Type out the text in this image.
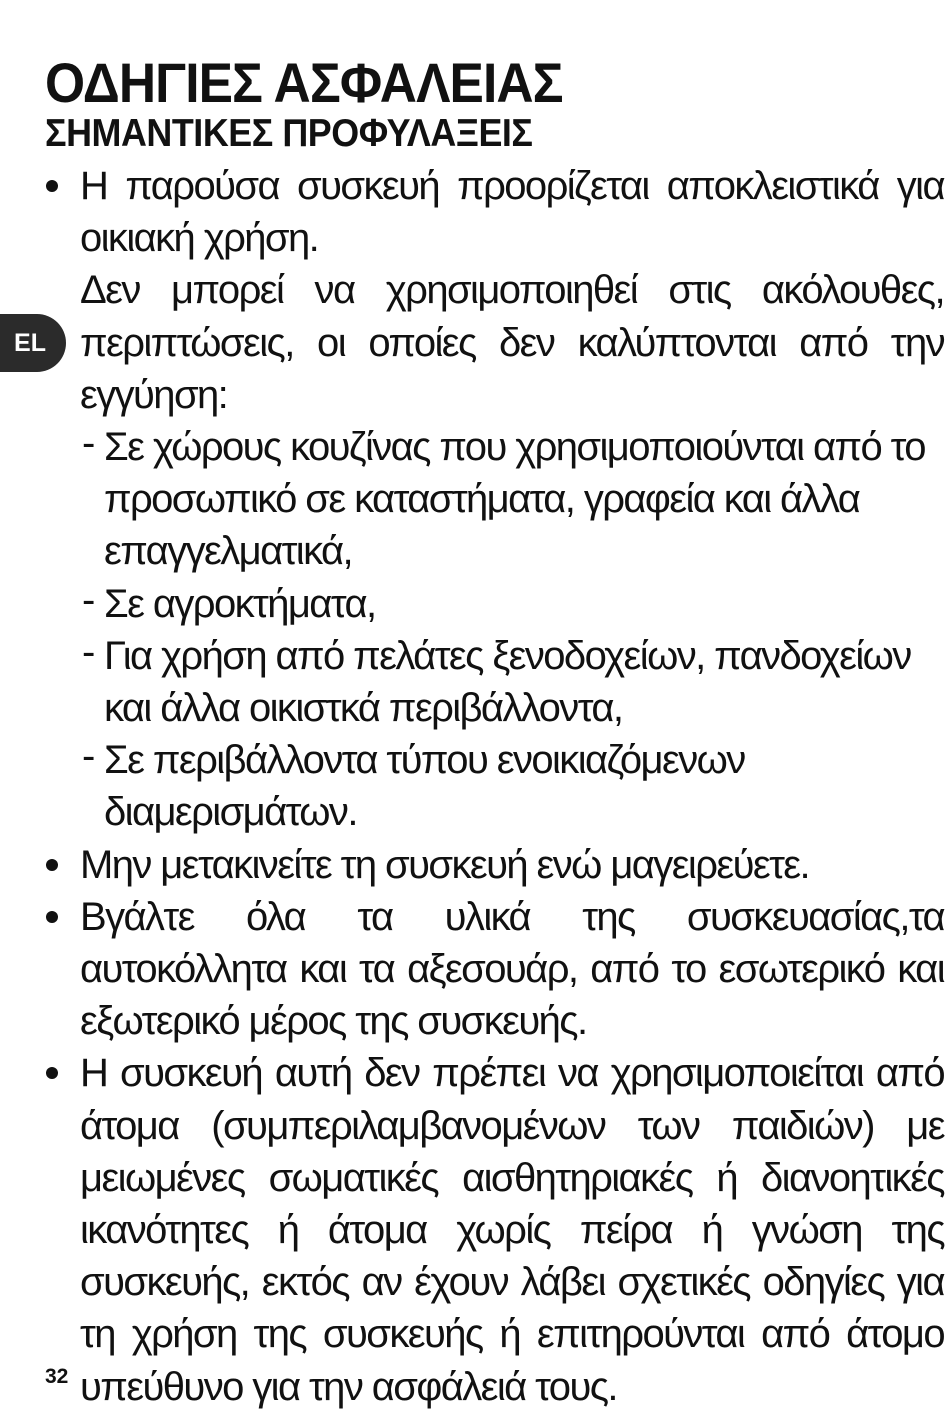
ΟΔΗΓΙΕΣ ΑΣΦΑΛΕΙΑΣ
ΣΗΜΑΝΤΙΚΕΣ ΠΡΟΦΥΛΑΞΕΙΣ
EL

Η παρούσα συσκευή προορίζεται αποκλειστικά για οικιακή χρήση.

Δεν μπορεί να χρησιμοποιηθεί στις ακόλουθες, περιπτώσεις, οι οποίες δεν καλύπτονται από την εγγύηση:

- Σε χώρους κουζίνας που χρησιμοποιούνται από το προσωπικό σε καταστήματα, γραφεία και άλλα επαγγελματικά,
- Σε αγροκτήματα,
- Για χρήση από πελάτες ξενοδοχείων, πανδοχείων και άλλα οικιστκά περιβάλλοντα,
- Σε περιβάλλοντα τύπου ενοικιαζόμενων διαμερισμάτων.

Μην μετακινείτε τη συσκευή ενώ μαγειρεύετε.

Βγάλτε όλα τα υλικά της συσκευασίας,τα αυτοκόλλητα και τα αξεσουάρ, από το εσωτερικό και εξωτερικό μέρος της συσκευής.

Η συσκευή αυτή δεν πρέπει να χρησιμοποιείται από άτομα (συμπεριλαμβανομένων των παιδιών) με μειωμένες σωματικές αισθητηριακές ή διανοητικές ικανότητες ή άτομα χωρίς πείρα ή γνώση της συσκευής, εκτός αν έχουν λάβει σχετικές οδηγίες για τη χρήση της συσκευής ή επιτηρούνται από άτομο υπεύθυνο για την ασφάλειά τους.

32
